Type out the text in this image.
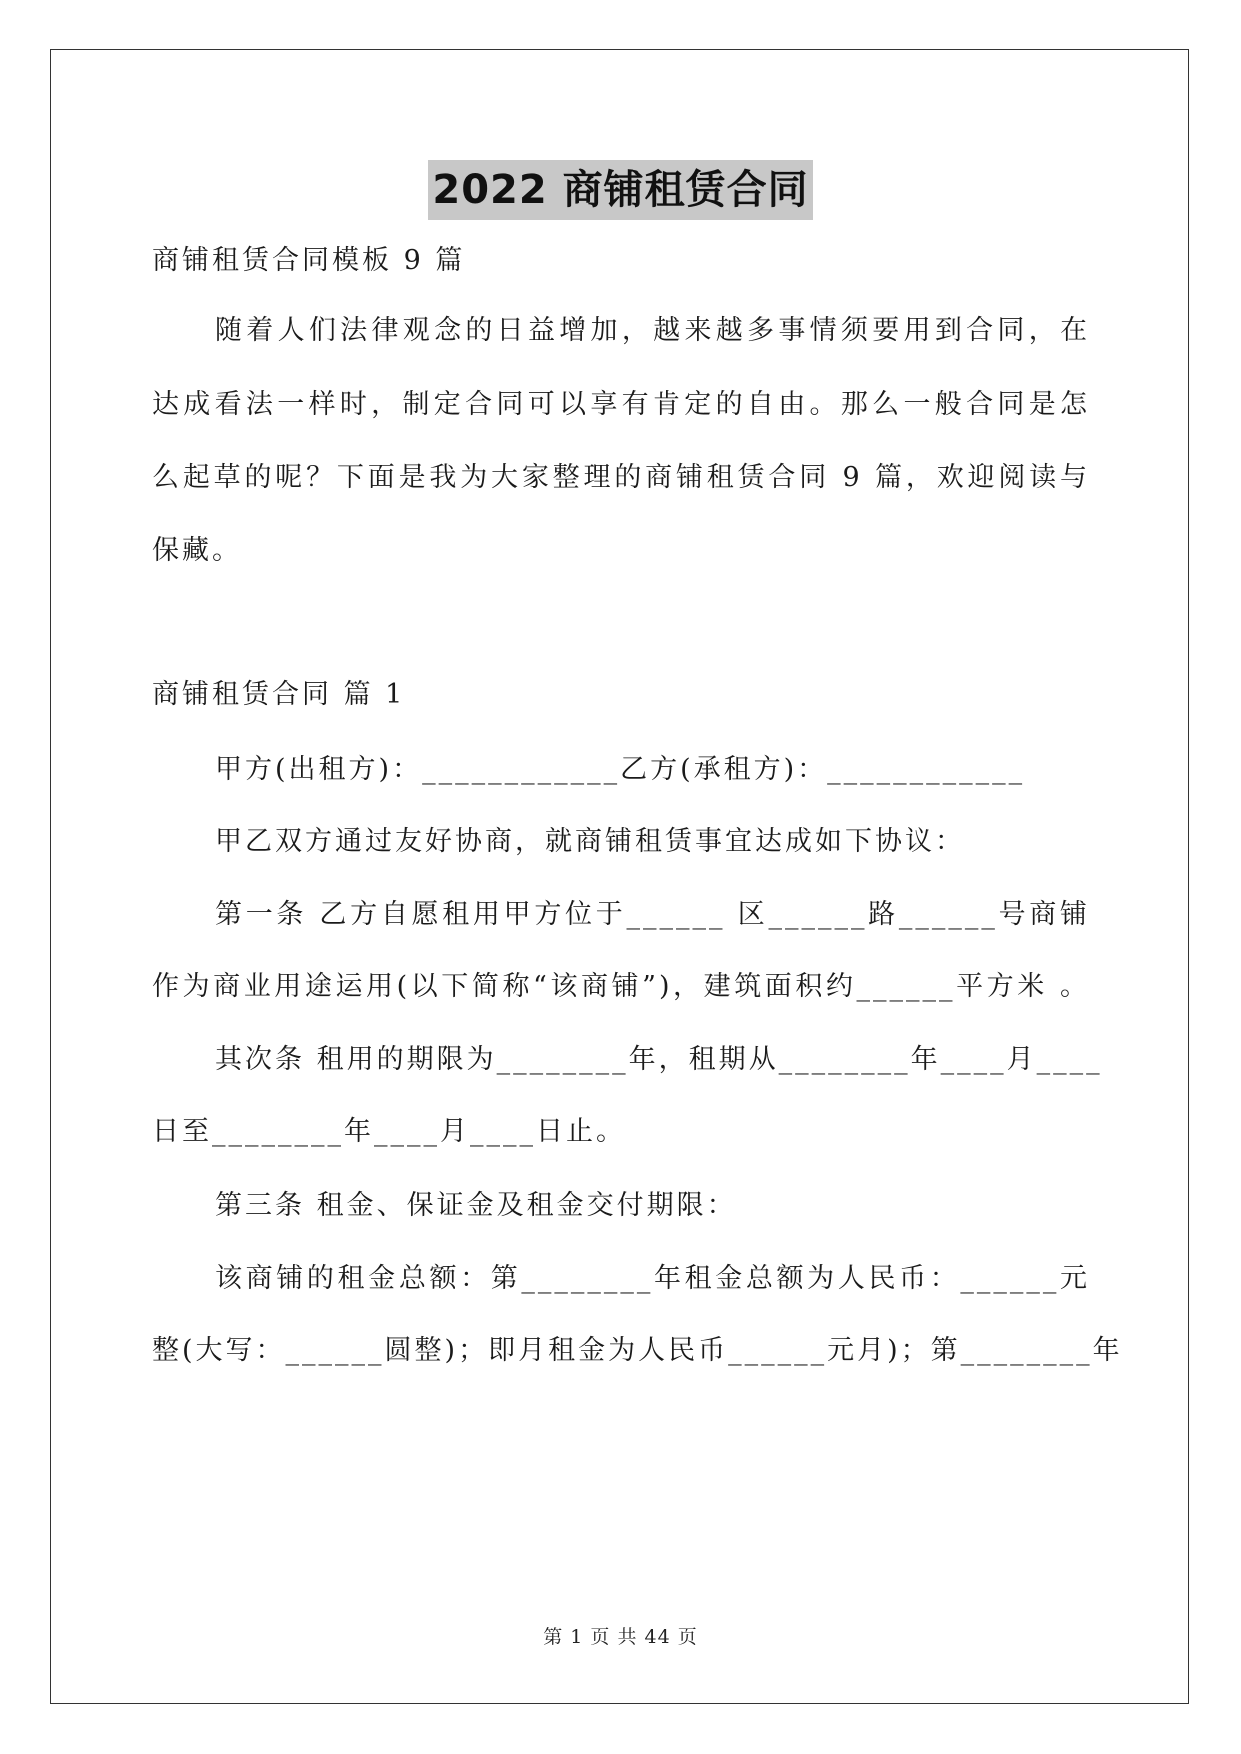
2022 商铺租赁合同

商铺租赁合同模板 9 篇

随着人们法律观念的日益增加，越来越多事情须要用到合同，在

达成看法一样时，制定合同可以享有肯定的自由。那么一般合同是怎

么起草的呢？下面是我为大家整理的商铺租赁合同 9 篇，欢迎阅读与

保藏。

商铺租赁合同 篇 1

甲方(出租方)：____________乙方(承租方)：____________

甲乙双方通过友好协商，就商铺租赁事宜达成如下协议：

第一条 乙方自愿租用甲方位于______ 区______路______号商铺

作为商业用途运用(以下简称“该商铺”)，建筑面积约______平方米 。

其次条 租用的期限为________年，租期从________年____月____

日至________年____月____日止。

第三条 租金、保证金及租金交付期限：

该商铺的租金总额：第________年租金总额为人民币：______元

整(大写：______圆整)；即月租金为人民币______元月)；第________年

第 1 页 共 44 页
